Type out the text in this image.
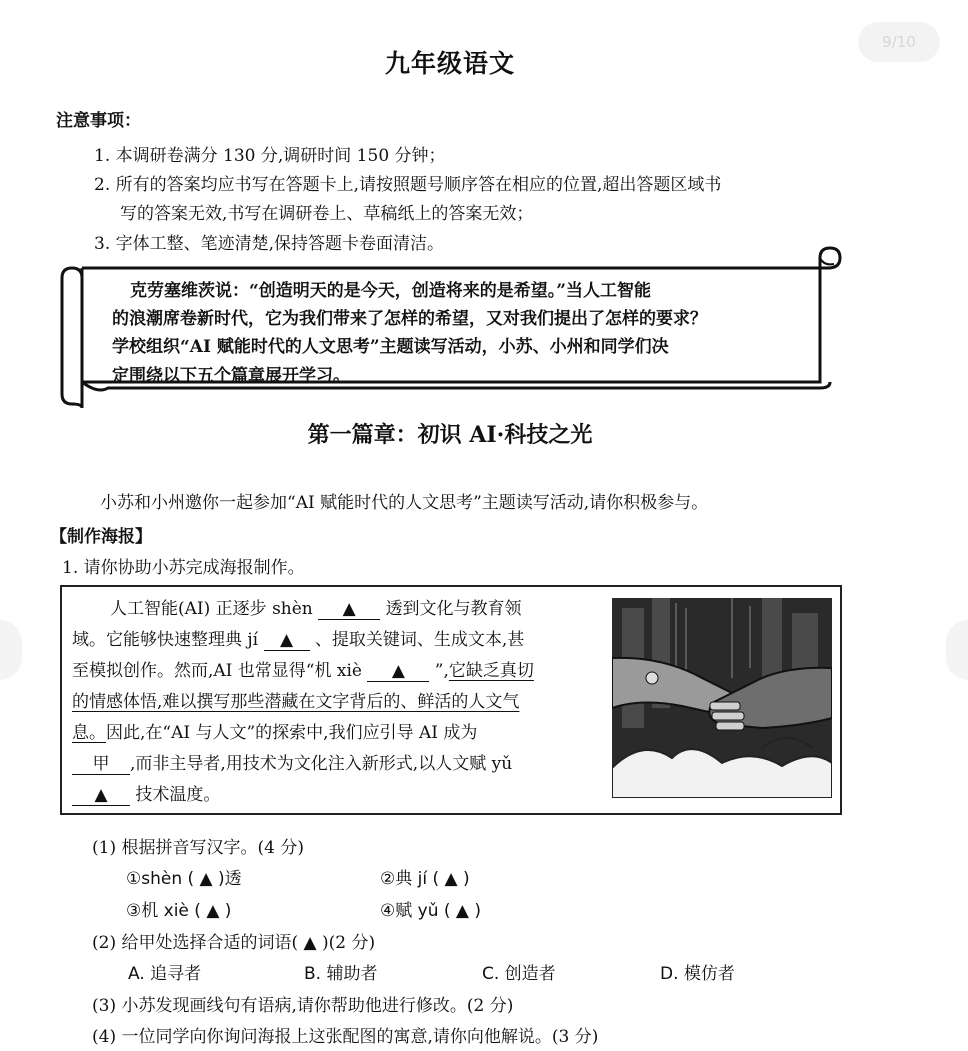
9/10
九年级语文
注意事项：
1. 本调研卷满分 130 分,调研时间 150 分钟；
2. 所有的答案均应书写在答题卡上,请按照题号顺序答在相应的位置,超出答题区域书
写的答案无效,书写在调研卷上、草稿纸上的答案无效；
3. 字体工整、笔迹清楚,保持答题卡卷面清洁。
克劳塞维茨说：“创造明天的是今天，创造将来的是希望。”当人工智能
的浪潮席卷新时代，它为我们带来了怎样的希望，又对我们提出了怎样的要求？
学校组织“AI 赋能时代的人文思考”主题读写活动，小苏、小州和同学们决
定围绕以下五个篇章展开学习。
第一篇章：初识 AI·科技之光
小苏和小州邀你一起参加“AI 赋能时代的人文思考”主题读写活动,请你积极参与。
【制作海报】
1. 请你协助小苏完成海报制作。
人工智能(AI) 正逐步 shèn ▲ 透到文化与教育领
域。它能够快速整理典 jí ▲ 、提取关键词、生成文本,甚
至模拟创作。然而,AI 也常显得“机 xiè ▲ ”,它缺乏真切
的情感体悟,难以撰写那些潜藏在文字背后的、鲜活的人文气
息。因此,在“AI 与人文”的探索中,我们应引导 AI 成为
甲 ,而非主导者,用技术为文化注入新形式,以人文赋 yǔ
▲ 技术温度。
(1) 根据拼音写汉字。(4 分)
①shèn ( ▲ )透	②典 jí ( ▲ )
③机 xiè ( ▲ )	④赋 yǔ ( ▲ )
(2) 给甲处选择合适的词语( ▲ )(2 分)
A. 追寻者	B. 辅助者	C. 创造者	D. 模仿者
(3) 小苏发现画线句有语病,请你帮助他进行修改。(2 分)
(4) 一位同学向你询问海报上这张配图的寓意,请你向他解说。(3 分)
